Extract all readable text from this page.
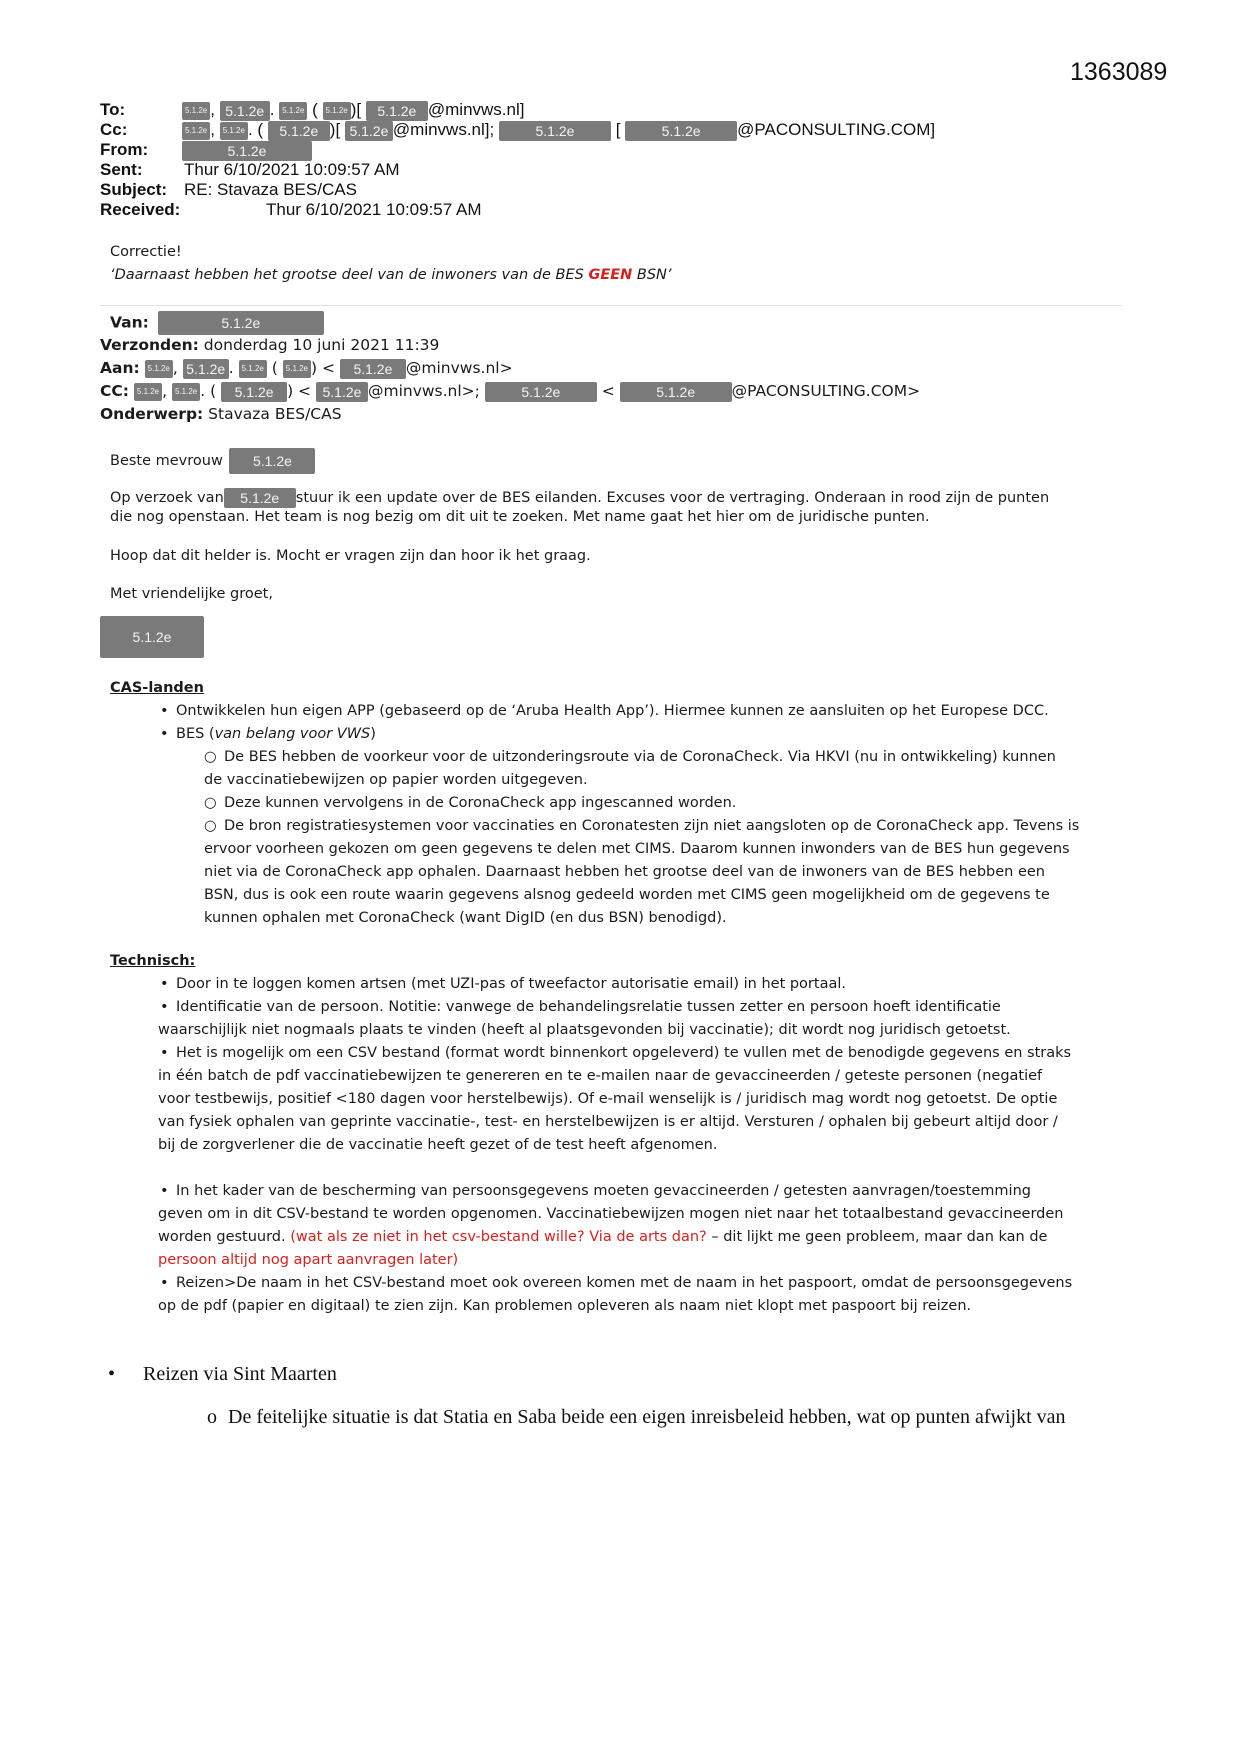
1363089
To:	5.1.2e , 5.1.2e . 5.1.2e ( 5.1.2e )[ 5.1.2e @minvws.nl]
Cc:	5.1.2e , 5.1.2e . ( 5.1.2e )[ 5.1.2e @minvws.nl];	5.1.2e [	5.1.2e @PACONSULTING.COM]
From:	5.1.2e
Sent: Thur 6/10/2021 10:09:57 AM
Subject: RE: Stavaza BES/CAS
Received:	Thur 6/10/2021 10:09:57 AM
Correctie!
‘Daarnaast hebben het grootse deel van de inwoners van de BES GEEN BSN’
Van:	5.1.2e
Verzonden: donderdag 10 juni 2021 11:39
Aan: 5.1.2e , 5.1.2e . 5.1.2e ( 5.1.2e ) < 5.1.2e @minvws.nl>
CC: 5.1.2e , 5.1.2e . ( 5.1.2e ) < 5.1.2e @minvws.nl>;	5.1.2e <	5.1.2e @PACONSULTING.COM>
Onderwerp: Stavaza BES/CAS
Beste mevrouw 5.1.2e
Op verzoek van 5.1.2e stuur ik een update over de BES eilanden. Excuses voor de vertraging. Onderaan in rood zijn de punten
die nog openstaan. Het team is nog bezig om dit uit te zoeken. Met name gaat het hier om de juridische punten.
Hoop dat dit helder is. Mocht er vragen zijn dan hoor ik het graag.
Met vriendelijke groet,
5.1.2e
CAS-landen
• Ontwikkelen hun eigen APP (gebaseerd op de ‘Aruba Health App’). Hiermee kunnen ze aansluiten op het Europese DCC.
• BES (van belang voor VWS)
○ De BES hebben de voorkeur voor de uitzonderingsroute via de CoronaCheck. Via HKVI (nu in ontwikkeling) kunnen
de vaccinatiebewijzen op papier worden uitgegeven.
○ Deze kunnen vervolgens in de CoronaCheck app ingescanned worden.
○ De bron registratiesystemen voor vaccinaties en Coronatesten zijn niet aangsloten op de CoronaCheck app. Tevens is
ervoor voorheen gekozen om geen gegevens te delen met CIMS. Daarom kunnen inwonders van de BES hun gegevens
niet via de CoronaCheck app ophalen. Daarnaast hebben het grootse deel van de inwoners van de BES hebben een
BSN, dus is ook een route waarin gegevens alsnog gedeeld worden met CIMS geen mogelijkheid om de gegevens te
kunnen ophalen met CoronaCheck (want DigID (en dus BSN) benodigd).
Technisch:
• Door in te loggen komen artsen (met UZI-pas of tweefactor autorisatie email) in het portaal.
• Identificatie van de persoon. Notitie: vanwege de behandelingsrelatie tussen zetter en persoon hoeft identificatie
waarschijlijk niet nogmaals plaats te vinden (heeft al plaatsgevonden bij vaccinatie); dit wordt nog juridisch getoetst.
• Het is mogelijk om een CSV bestand (format wordt binnenkort opgeleverd) te vullen met de benodigde gegevens en straks
in één batch de pdf vaccinatiebewijzen te genereren en te e-mailen naar de gevaccineerden / geteste personen (negatief
voor testbewijs, positief <180 dagen voor herstelbewijs). Of e-mail wenselijk is / juridisch mag wordt nog getoetst. De optie
van fysiek ophalen van geprinte vaccinatie-, test- en herstelbewijzen is er altijd. Versturen / ophalen bij gebeurt altijd door /
bij de zorgverlener die de vaccinatie heeft gezet of de test heeft afgenomen.
• In het kader van de bescherming van persoonsgegevens moeten gevaccineerden / getesten aanvragen/toestemming
geven om in dit CSV-bestand te worden opgenomen. Vaccinatiebewijzen mogen niet naar het totaalbestand gevaccineerden
worden gestuurd. (wat als ze niet in het csv-bestand wille? Via de arts dan? – dit lijkt me geen probleem, maar dan kan de
persoon altijd nog apart aanvragen later)
• Reizen>De naam in het CSV-bestand moet ook overeen komen met de naam in het paspoort, omdat de persoonsgegevens
op de pdf (papier en digitaal) te zien zijn. Kan problemen opleveren als naam niet klopt met paspoort bij reizen.
• Reizen via Sint Maarten
o De feitelijke situatie is dat Statia en Saba beide een eigen inreisbeleid hebben, wat op punten afwijkt van
